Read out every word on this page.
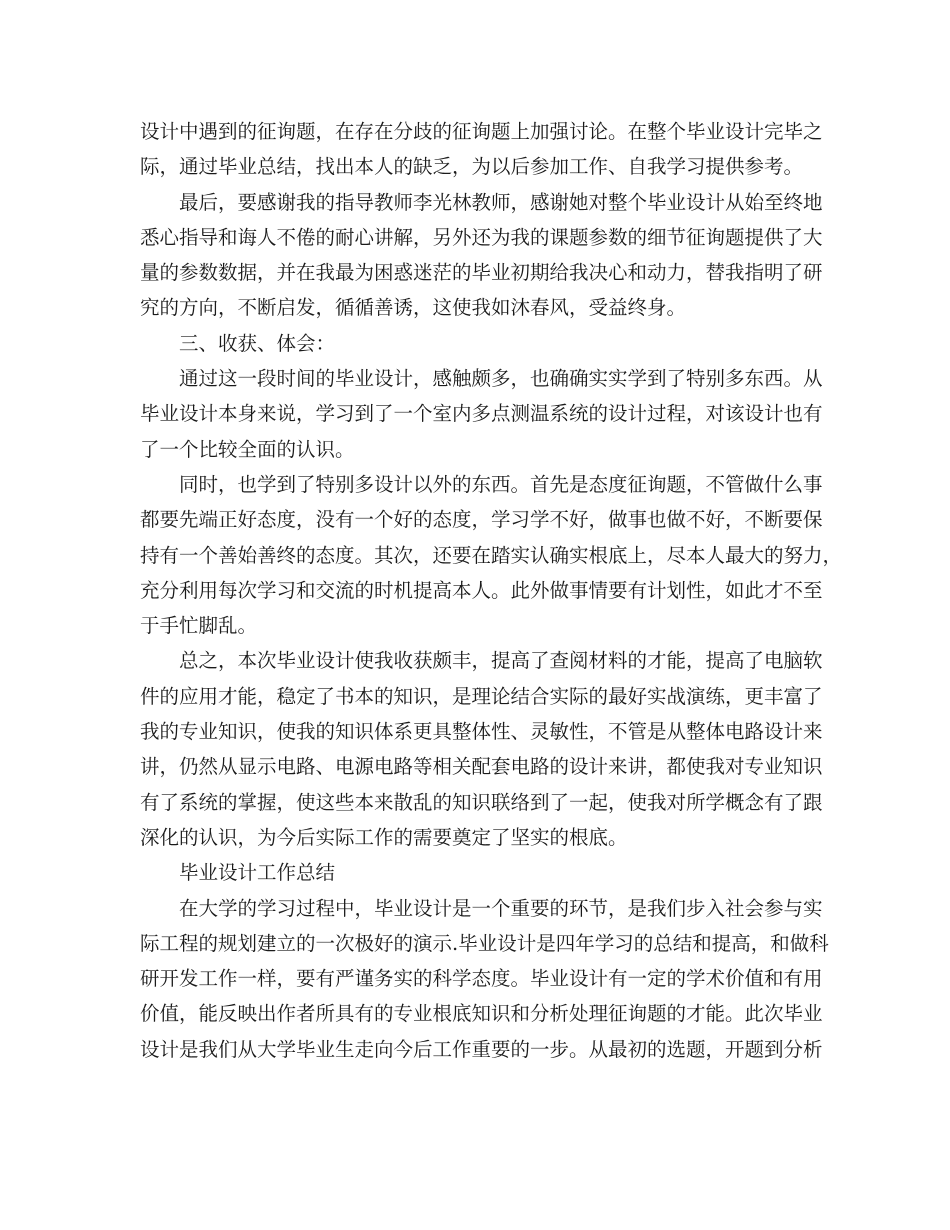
设计中遇到的征询题，在存在分歧的征询题上加强讨论。在整个毕业设计完毕之
际，通过毕业总结，找出本人的缺乏，为以后参加工作、自我学习提供参考。
最后，要感谢我的指导教师李光林教师，感谢她对整个毕业设计从始至终地
悉心指导和诲人不倦的耐心讲解，另外还为我的课题参数的细节征询题提供了大
量的参数数据，并在我最为困惑迷茫的毕业初期给我决心和动力，替我指明了研
究的方向，不断启发，循循善诱，这使我如沐春风，受益终身。
三、收获、体会：
通过这一段时间的毕业设计，感触颇多，也确确实实学到了特别多东西。从
毕业设计本身来说，学习到了一个室内多点测温系统的设计过程，对该设计也有
了一个比较全面的认识。
同时，也学到了特别多设计以外的东西。首先是态度征询题，不管做什么事
都要先端正好态度，没有一个好的态度，学习学不好，做事也做不好，不断要保
持有一个善始善终的态度。其次，还要在踏实认确实根底上，尽本人最大的努力，
充分利用每次学习和交流的时机提高本人。此外做事情要有计划性，如此才不至
于手忙脚乱。
总之，本次毕业设计使我收获颇丰，提高了查阅材料的才能，提高了电脑软
件的应用才能，稳定了书本的知识，是理论结合实际的最好实战演练，更丰富了
我的专业知识，使我的知识体系更具整体性、灵敏性，不管是从整体电路设计来
讲，仍然从显示电路、电源电路等相关配套电路的设计来讲，都使我对专业知识
有了系统的掌握，使这些本来散乱的知识联络到了一起，使我对所学概念有了跟
深化的认识，为今后实际工作的需要奠定了坚实的根底。
毕业设计工作总结
在大学的学习过程中，毕业设计是一个重要的环节，是我们步入社会参与实
际工程的规划建立的一次极好的演示.毕业设计是四年学习的总结和提高，和做科
研开发工作一样，要有严谨务实的科学态度。毕业设计有一定的学术价值和有用
价值，能反映出作者所具有的专业根底知识和分析处理征询题的才能。此次毕业
设计是我们从大学毕业生走向今后工作重要的一步。从最初的选题，开题到分析
